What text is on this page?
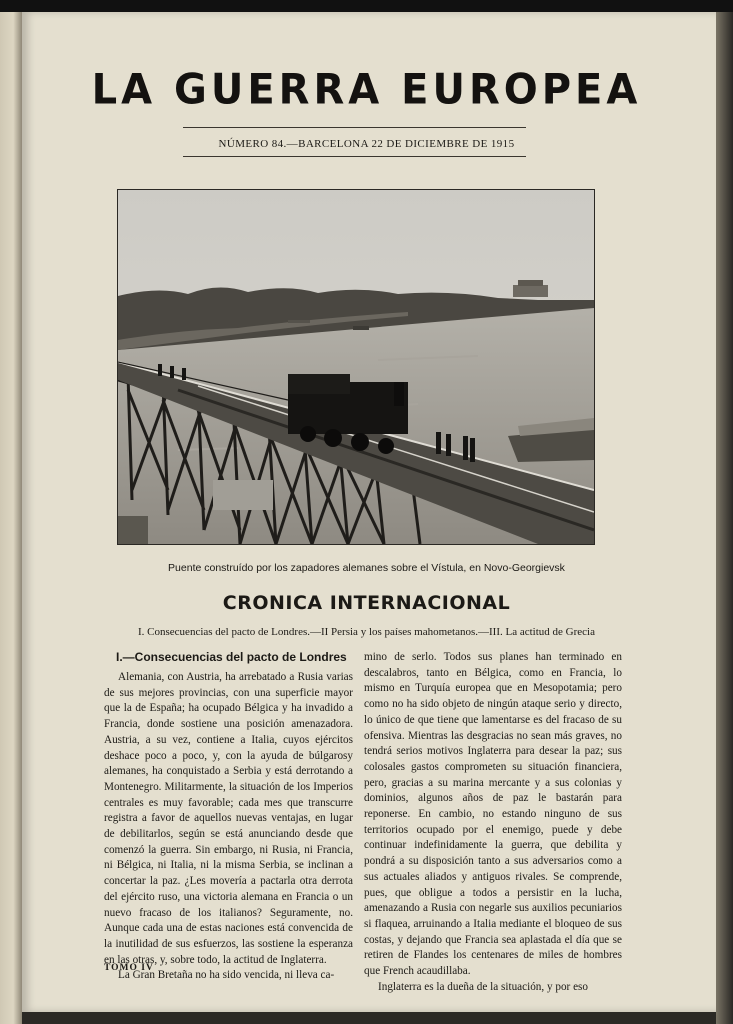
LA GUERRA EUROPEA
NÚMERO 84.—BARCELONA 22 DE DICIEMBRE DE 1915
Puente construído por los zapadores alemanes sobre el Vístula, en Novo-Georgievsk
CRONICA INTERNACIONAL
I. Consecuencias del pacto de Londres.—II Persia y los países mahometanos.—III. La actitud de Grecia
I.—Consecuencias del pacto de Londres

Alemania, con Austria, ha arrebatado a Rusia varias de sus mejores provincias, con una superficie mayor que la de España; ha ocupado Bélgica y ha invadido a Francia, donde sostiene una posición amenazadora. Austria, a su vez, contiene a Italia, cuyos ejércitos deshace poco a poco, y, con la ayuda de búlgarosy alemanes, ha conquistado a Serbia y está derrotando a Montenegro. Militarmente, la situación de los Imperios centrales es muy favorable; cada mes que transcurre registra a favor de aquellos nuevas ventajas, en lugar de debilitarlos, según se está anunciando desde que comenzó la guerra. Sin embargo, ni Rusia, ni Francia, ni Bélgica, ni Italia, ni la misma Serbia, se inclinan a concertar la paz. ¿Les movería a pactarla otra derrota del ejército ruso, una victoria alemana en Francia o un nuevo fracaso de los italianos? Seguramente, no. Aunque cada una de estas naciones está convencida de la inutilidad de sus esfuerzos, las sostiene la esperanza en las otras, y, sobre todo, la actitud de Inglaterra.

La Gran Bretaña no ha sido vencida, ni lleva ca-

mino de serlo. Todos sus planes han terminado en descalabros, tanto en Bélgica, como en Francia, lo mismo en Turquía europea que en Mesopotamia; pero como no ha sido objeto de ningún ataque serio y directo, lo único de que tiene que lamentarse es del fracaso de su ofensiva. Mientras las desgracias no sean más graves, no tendrá serios motivos Inglaterra para desear la paz; sus colosales gastos comprometen su situación financiera, pero, gracias a su marina mercante y a sus colonias y dominios, algunos años de paz le bastarán para reponerse. En cambio, no estando ninguno de sus territorios ocupado por el enemigo, puede y debe continuar indefinidamente la guerra, que debilita y pondrá a su disposición tanto a sus adversarios como a sus actuales aliados y antiguos rivales. Se comprende, pues, que obligue a todos a persistir en la lucha, amenazando a Rusia con negarle sus auxilios pecuniarios si flaquea, arruinando a Italia mediante el bloqueo de sus costas, y dejando que Francia sea aplastada el día que se retiren de Flandes los centenares de miles de hombres que French acaudillaba.

Inglaterra es la dueña de la situación, y por eso

TOMO IV
